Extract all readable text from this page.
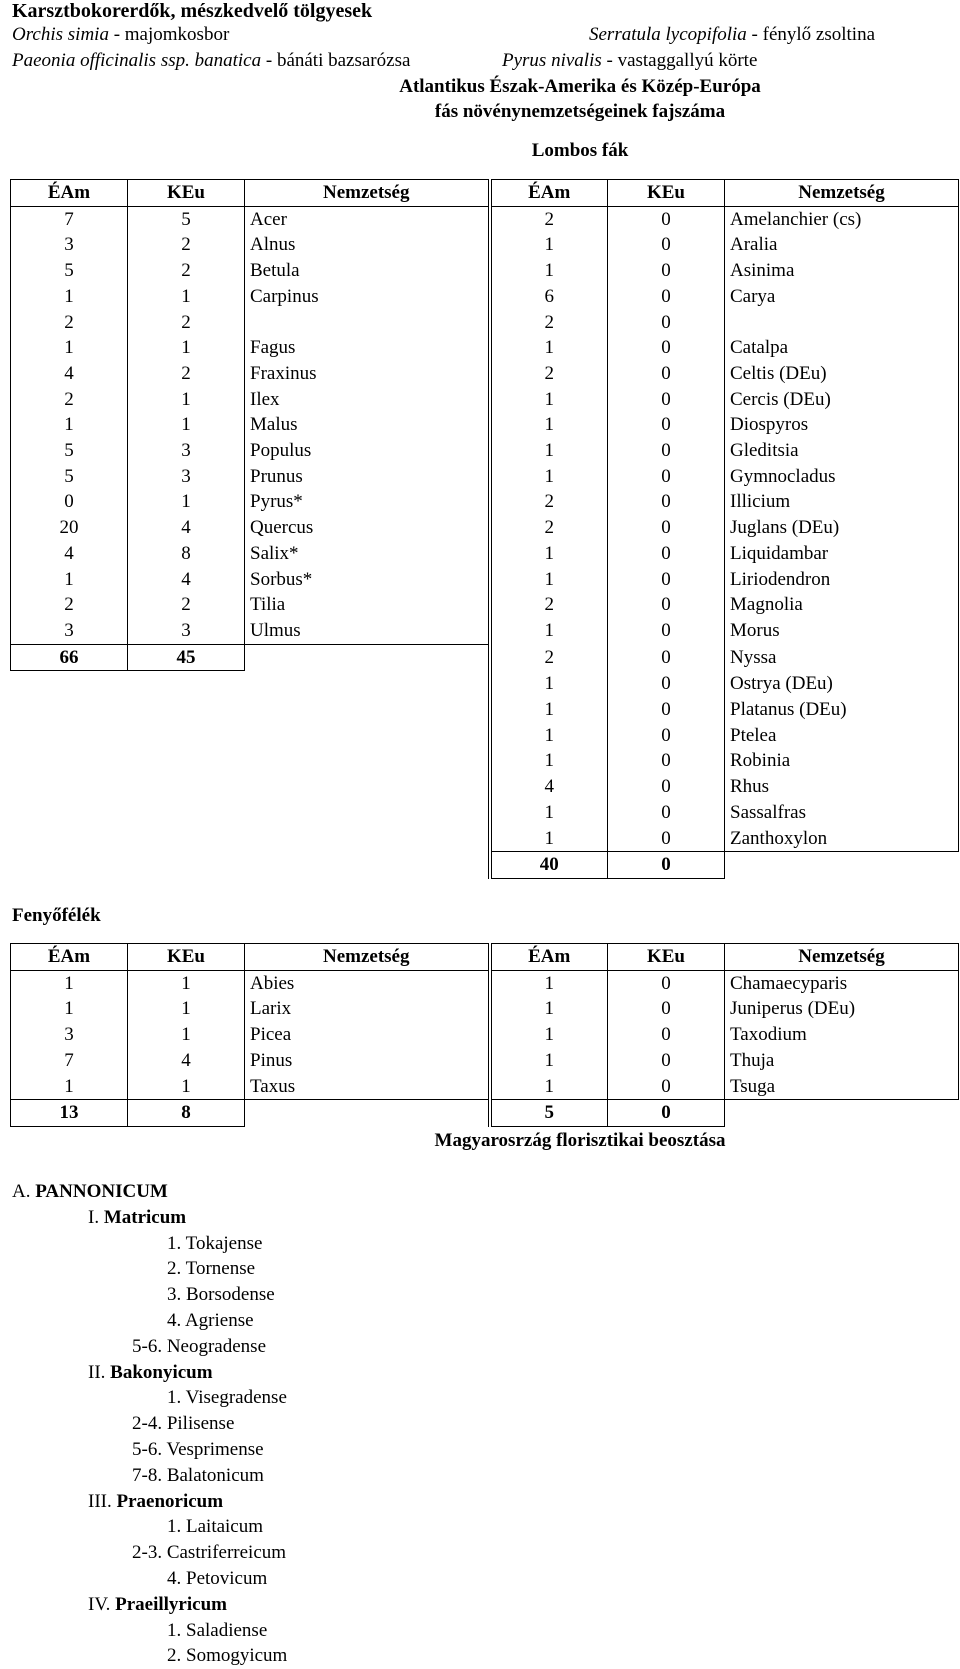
Karsztbokorerdők, mészkedvelő tölgyesek
Orchis simia - majomkosbor	Serratula lycopifolia - fénylő zsoltina
Paeonia officinalis ssp. banatica - bánáti bazsarózsa	Pyrus nivalis - vastaggallyú körte
Atlantikus Észak-Amerika és Közép-Európa
fás növénynemzetségeinek fajszáma
Lombos fák
ÉAm	KEu	Nemzetség	ÉAm	KEu	Nemzetség
7	5	Acer	2	0	Amelanchier (cs)
3	2	Alnus	1	0	Aralia
5	2	Betula	1	0	Asinima
1	1	Carpinus	6	0	Carya
2	2		2	0	
1	1	Fagus	1	0	Catalpa
4	2	Fraxinus	2	0	Celtis (DEu)
2	1	Ilex	1	0	Cercis (DEu)
1	1	Malus	1	0	Diospyros
5	3	Populus	1	0	Gleditsia
5	3	Prunus	1	0	Gymnocladus
0	1	Pyrus*	2	0	Illicium
20	4	Quercus	2	0	Juglans (DEu)
4	8	Salix*	1	0	Liquidambar
1	4	Sorbus*	1	0	Liriodendron
2	2	Tilia	2	0	Magnolia
3	3	Ulmus	1	0	Morus
66	45		2	0	Nyssa
			1	0	Ostrya (DEu)
			1	0	Platanus (DEu)
			1	0	Ptelea
			1	0	Robinia
			4	0	Rhus
			1	0	Sassalfras
			1	0	Zanthoxylon
			40	0	
Fenyőfélék
ÉAm	KEu	Nemzetség	ÉAm	KEu	Nemzetség
1	1	Abies	1	0	Chamaecyparis
1	1	Larix	1	0	Juniperus (DEu)
3	1	Picea	1	0	Taxodium
7	4	Pinus	1	0	Thuja
1	1	Taxus	1	0	Tsuga
13	8		5	0	
Magyarosrzág florisztikai beosztása
A. PANNONICUM
I. Matricum
1. Tokajense
2. Tornense
3. Borsodense
4. Agriense
5-6. Neogradense
II. Bakonyicum
1. Visegradense
2-4. Pilisense
5-6. Vesprimense
7-8. Balatonicum
III. Praenoricum
1. Laitaicum
2-3. Castriferreicum
4. Petovicum
IV. Praeillyricum
1. Saladiense
2. Somogyicum
